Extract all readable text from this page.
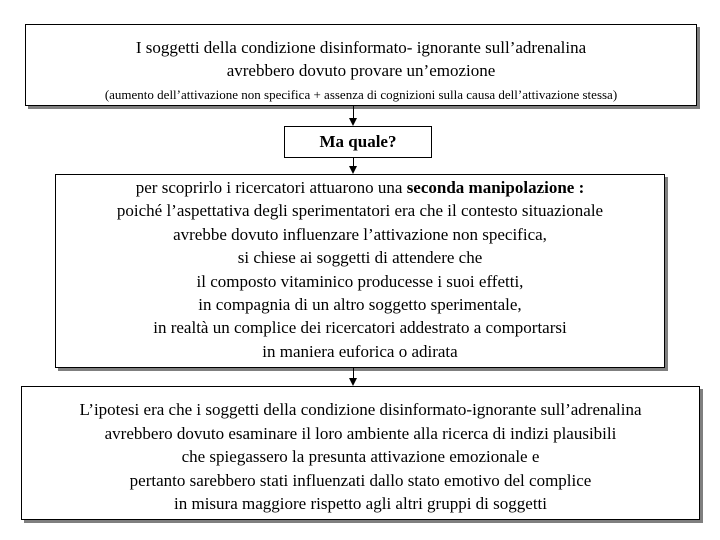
I soggetti della condizione disinformato- ignorante sull’adrenalina
avrebbero dovuto provare un’emozione
(aumento dell’attivazione non specifica + assenza di cognizioni sulla causa dell’attivazione stessa)
Ma quale?
per scoprirlo i ricercatori attuarono una seconda manipolazione :
poiché l’aspettativa degli sperimentatori era che il contesto situazionale
avrebbe dovuto influenzare l’attivazione non specifica,
si chiese ai soggetti di attendere che
il composto vitaminico producesse i suoi effetti,
in compagnia di un altro soggetto sperimentale,
in realtà un complice dei ricercatori addestrato a comportarsi
in maniera euforica o adirata
L’ipotesi era che i soggetti della condizione disinformato-ignorante sull’adrenalina
avrebbero dovuto esaminare il loro ambiente alla ricerca di indizi plausibili
che spiegassero la presunta attivazione emozionale e
pertanto sarebbero stati influenzati dallo stato emotivo del complice
in misura maggiore rispetto agli altri gruppi di soggetti
